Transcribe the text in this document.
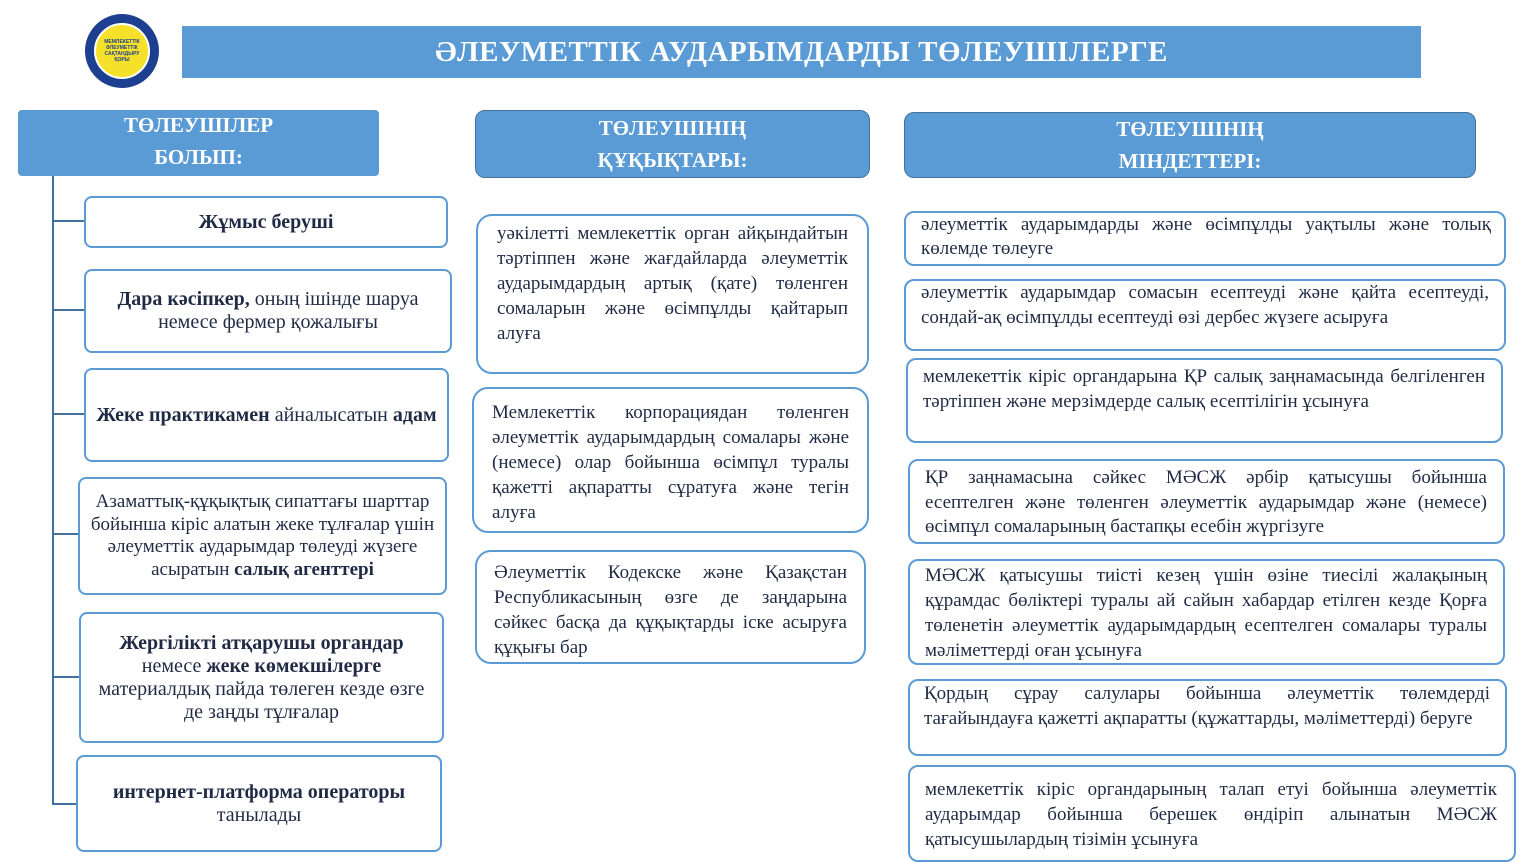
МЕМЛЕКЕТТІК
ӘЛЕУМЕТТІК
САҚТАНДЫРУ
ҚОРЫ	ӘЛЕУМЕТТІК АУДАРЫМДАРДЫ ТӨЛЕУШІЛЕРГЕ
ТӨЛЕУШІЛЕР
БОЛЫП:
ТӨЛЕУШІНІҢ
ҚҰҚЫҚТАРЫ:
ТӨЛЕУШІНІҢ
МІНДЕТТЕРІ:
Жұмыс беруші
Дара кәсіпкер, оның ішінде шаруа немесе фермер қожалығы
Жеке практикамен айналысатын адам
Азаматтық-құқықтық сипаттағы шарттар бойынша кіріс алатын жеке тұлғалар үшін әлеуметтік аударымдар төлеуді жүзеге асыратын салық агенттері
Жергілікті атқарушы органдар немесе жеке көмекшілерге материалдық пайда төлеген кезде өзге де заңды тұлғалар
интернет-платформа операторы
танылады
уәкілетті мемлекеттік орган айқындайтын тәртіппен және жағдайларда әлеуметтік аударымдардың артық (қате) төленген сомаларын және өсімпұлды қайтарып алуға
Мемлекеттік корпорациядан төленген әлеуметтік аударымдардың сомалары және (немесе) олар бойынша өсімпұл туралы қажетті ақпаратты сұратуға және тегін алуға
Әлеуметтік Кодекске және Қазақстан Республикасының өзге де заңдарына сәйкес басқа да құқықтарды іске асыруға құқығы бар
әлеуметтік аударымдарды және өсімпұлды уақтылы және толық көлемде төлеуге
әлеуметтік аударымдар сомасын есептеуді және қайта есептеуді, сондай-ақ өсімпұлды есептеуді өзі дербес жүзеге асыруға
мемлекеттік кіріс органдарына ҚР салық заңнамасында белгіленген тәртіппен және мерзімдерде салық есептілігін ұсынуға
ҚР заңнамасына сәйкес МӘСЖ әрбір қатысушы бойынша есептелген және төленген әлеуметтік аударымдар және (немесе) өсімпұл сомаларының бастапқы есебін жүргізуге
МӘСЖ қатысушы тиісті кезең үшін өзіне тиесілі жалақының құрамдас бөліктері туралы ай сайын хабардар етілген кезде Қорға төленетін әлеуметтік аударымдардың есептелген сомалары туралы мәліметтерді оған ұсынуға
Қордың сұрау салулары бойынша әлеуметтік төлемдерді тағайындауға қажетті ақпаратты (құжаттарды, мәліметтерді) беруге
мемлекеттік кіріс органдарының талап етуі бойынша әлеуметтік аударымдар бойынша берешек өндіріп алынатын МӘСЖ қатысушылардың тізімін ұсынуға
